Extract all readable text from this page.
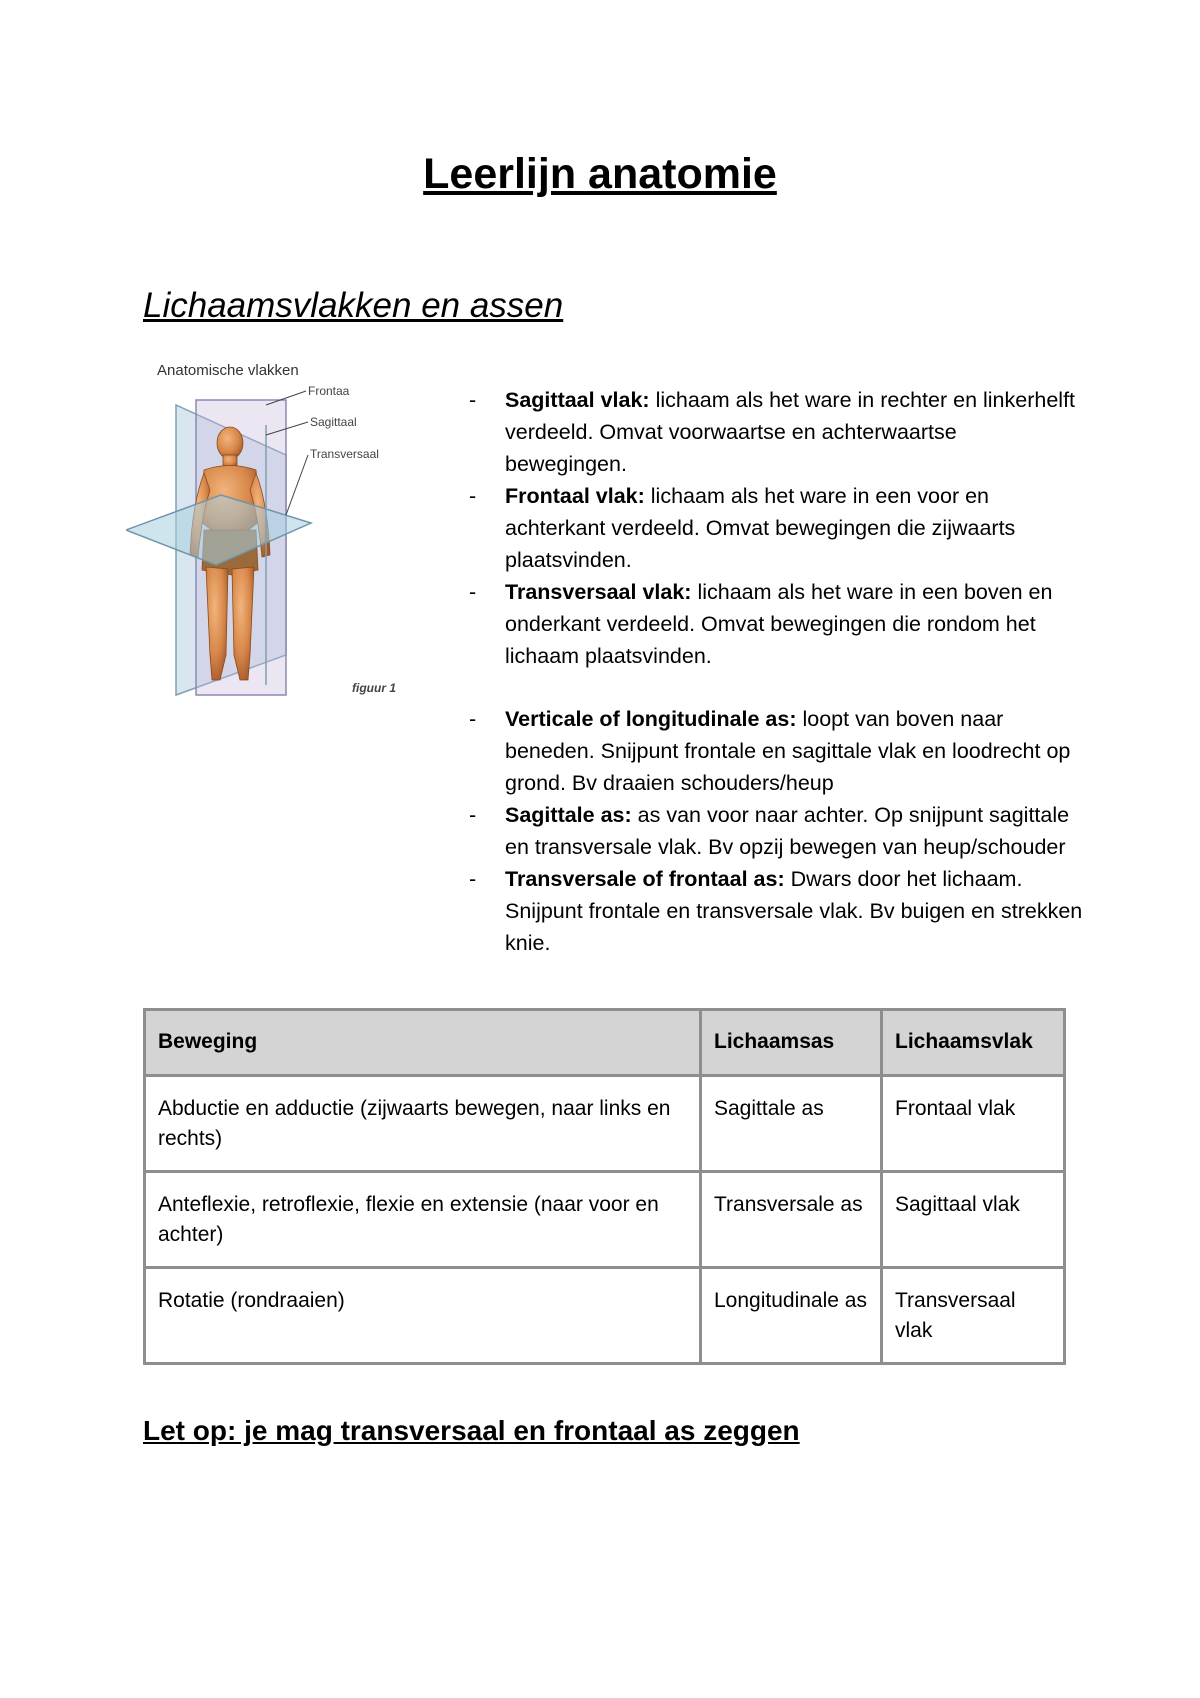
Leerlijn anatomie
Lichaamsvlakken en assen
Anatomische vlakken
Frontaa
Sagittaal
Transversaal
figuur 1
- Sagittaal vlak: lichaam als het ware in rechter en linkerhelft verdeeld. Omvat voorwaartse en achterwaartse bewegingen.
- Frontaal vlak: lichaam als het ware in een voor en achterkant verdeeld. Omvat bewegingen die zijwaarts plaatsvinden.
- Transversaal vlak: lichaam als het ware in een boven en onderkant verdeeld. Omvat bewegingen die rondom het lichaam plaatsvinden.
- Verticale of longitudinale as: loopt van boven naar beneden. Snijpunt frontale en sagittale vlak en loodrecht op grond. Bv draaien schouders/heup
- Sagittale as: as van voor naar achter. Op snijpunt sagittale en transversale vlak. Bv opzij bewegen van heup/schouder
- Transversale of frontaal as: Dwars door het lichaam. Snijpunt frontale en transversale vlak. Bv buigen en strekken knie.
Beweging	Lichaamsas	Lichaamsvlak
Abductie en adductie (zijwaarts bewegen, naar links en rechts)	Sagittale as	Frontaal vlak
Anteflexie, retroflexie, flexie en extensie (naar voor en achter)	Transversale as	Sagittaal vlak
Rotatie (rondraaien)	Longitudinale as	Transversaal vlak

Let op: je mag transversaal en frontaal as zeggen
